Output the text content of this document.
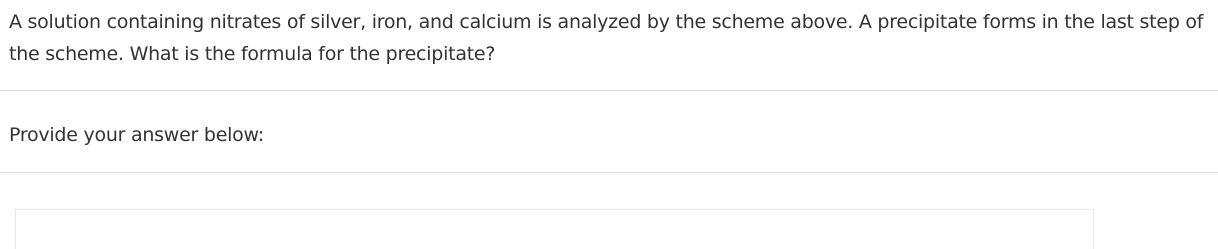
A solution containing nitrates of silver, iron, and calcium is analyzed by the scheme above. A precipitate forms in the last step of the scheme. What is the formula for the precipitate?
Provide your answer below:
